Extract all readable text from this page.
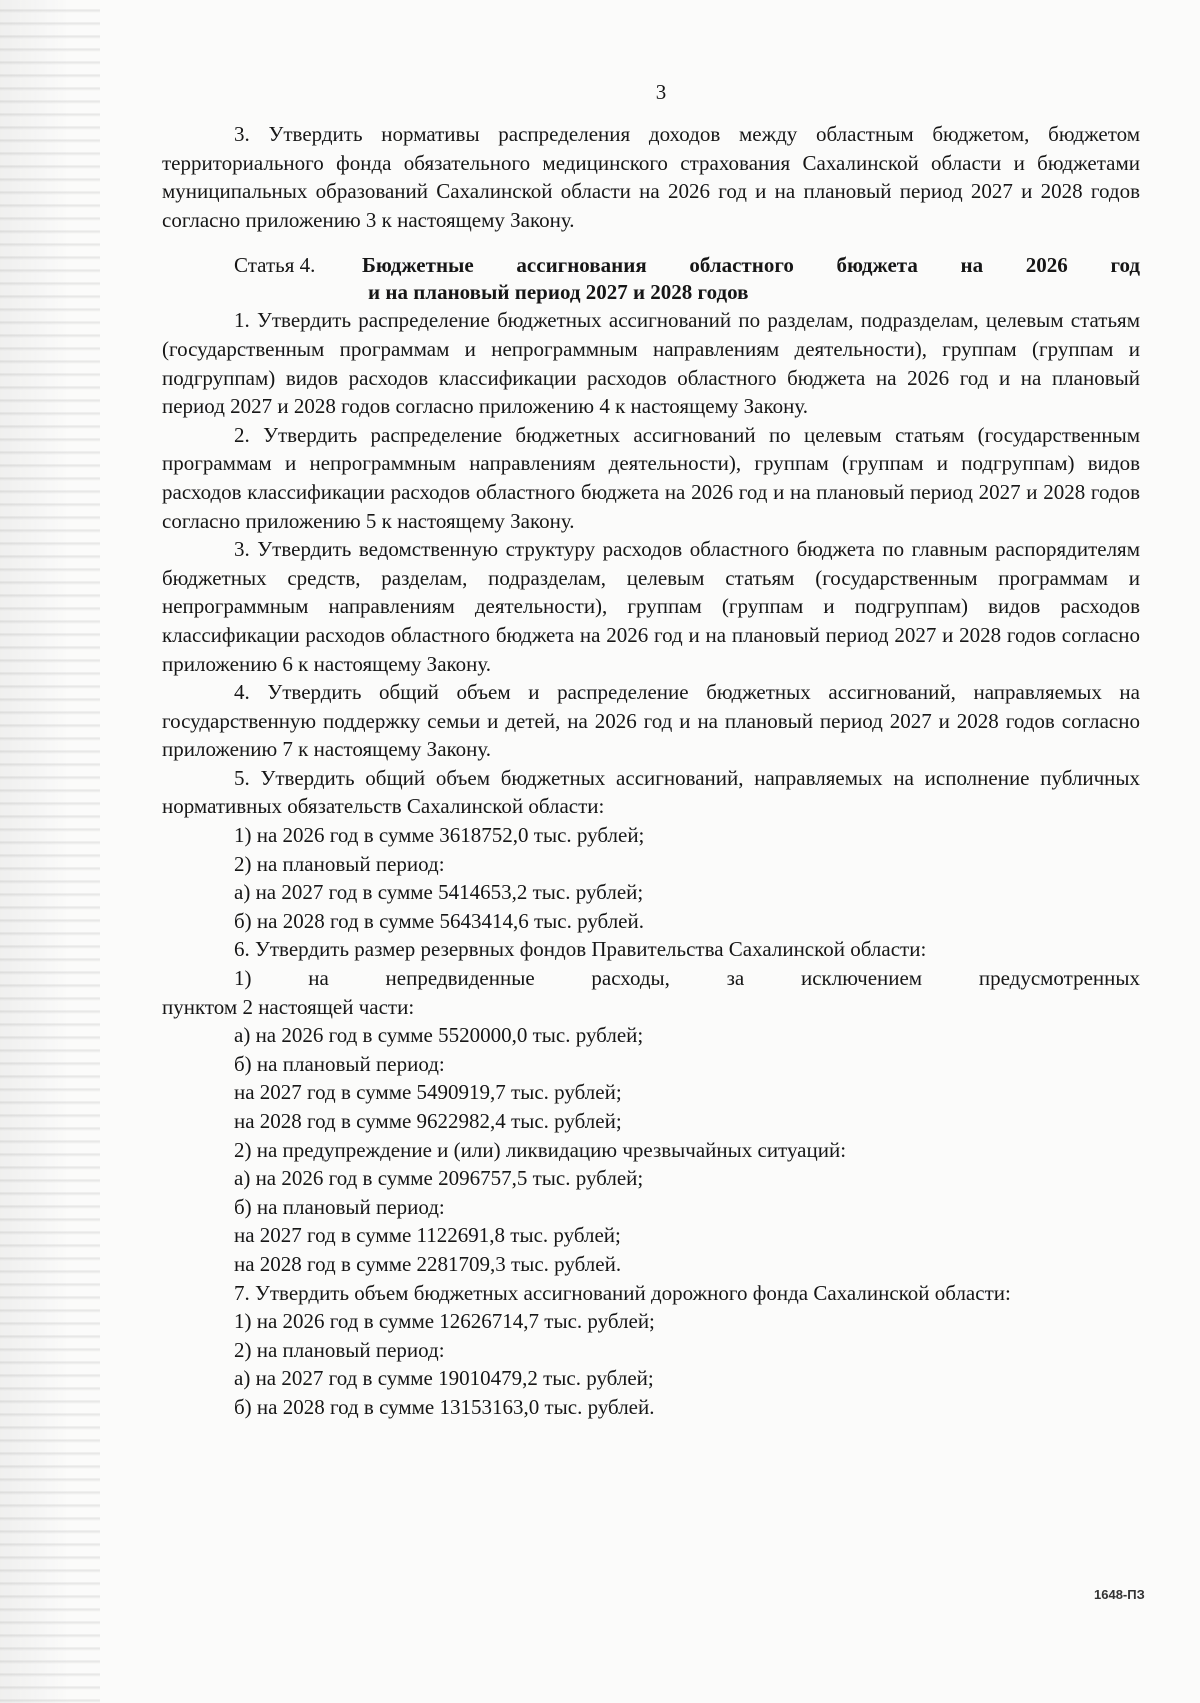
3

3. Утвердить нормативы распределения доходов между областным бюджетом, бюджетом территориального фонда обязательного медицинского страхования Сахалинской области и бюджетами муниципальных образований Сахалинской области на 2026 год и на плановый период 2027 и 2028 годов согласно приложению 3 к настоящему Закону.

Статья 4.	Бюджетные ассигнования областного бюджета на 2026 год
и на плановый период 2027 и 2028 годов

1. Утвердить распределение бюджетных ассигнований по разделам, подразделам, целевым статьям (государственным программам и непрограммным направлениям деятельности), группам (группам и подгруппам) видов расходов классификации расходов областного бюджета на 2026 год и на плановый период 2027 и 2028 годов согласно приложению 4 к настоящему Закону.

2. Утвердить распределение бюджетных ассигнований по целевым статьям (государственным программам и непрограммным направлениям деятельности), группам (группам и подгруппам) видов расходов классификации расходов областного бюджета на 2026 год и на плановый период 2027 и 2028 годов согласно приложению 5 к настоящему Закону.

3. Утвердить ведомственную структуру расходов областного бюджета по главным распорядителям бюджетных средств, разделам, подразделам, целевым статьям (государственным программам и непрограммным направлениям деятельности), группам (группам и подгруппам) видов расходов классификации расходов областного бюджета на 2026 год и на плановый период 2027 и 2028 годов согласно приложению 6 к настоящему Закону.

4. Утвердить общий объем и распределение бюджетных ассигнований, направляемых на государственную поддержку семьи и детей, на 2026 год и на плановый период 2027 и 2028 годов согласно приложению 7 к настоящему Закону.

5. Утвердить общий объем бюджетных ассигнований, направляемых на исполнение публичных нормативных обязательств Сахалинской области:

1) на 2026 год в сумме 3618752,0 тыс. рублей;
2) на плановый период:
а) на 2027 год в сумме 5414653,2 тыс. рублей;
б) на 2028 год в сумме 5643414,6 тыс. рублей.
6. Утвердить размер резервных фондов Правительства Сахалинской области:

1) на непредвиденные расходы, за исключением предусмотренных

пунктом 2 настоящей части:
а) на 2026 год в сумме 5520000,0 тыс. рублей;
б) на плановый период:
на 2027 год в сумме 5490919,7 тыс. рублей;
на 2028 год в сумме 9622982,4 тыс. рублей;
2) на предупреждение и (или) ликвидацию чрезвычайных ситуаций:
а) на 2026 год в сумме 2096757,5 тыс. рублей;
б) на плановый период:
на 2027 год в сумме 1122691,8 тыс. рублей;
на 2028 год в сумме 2281709,3 тыс. рублей.
7. Утвердить объем бюджетных ассигнований дорожного фонда Сахалинской области:
1) на 2026 год в сумме 12626714,7 тыс. рублей;
2) на плановый период:
а) на 2027 год в сумме 19010479,2 тыс. рублей;
б) на 2028 год в сумме 13153163,0 тыс. рублей.
1648-ПЗ
